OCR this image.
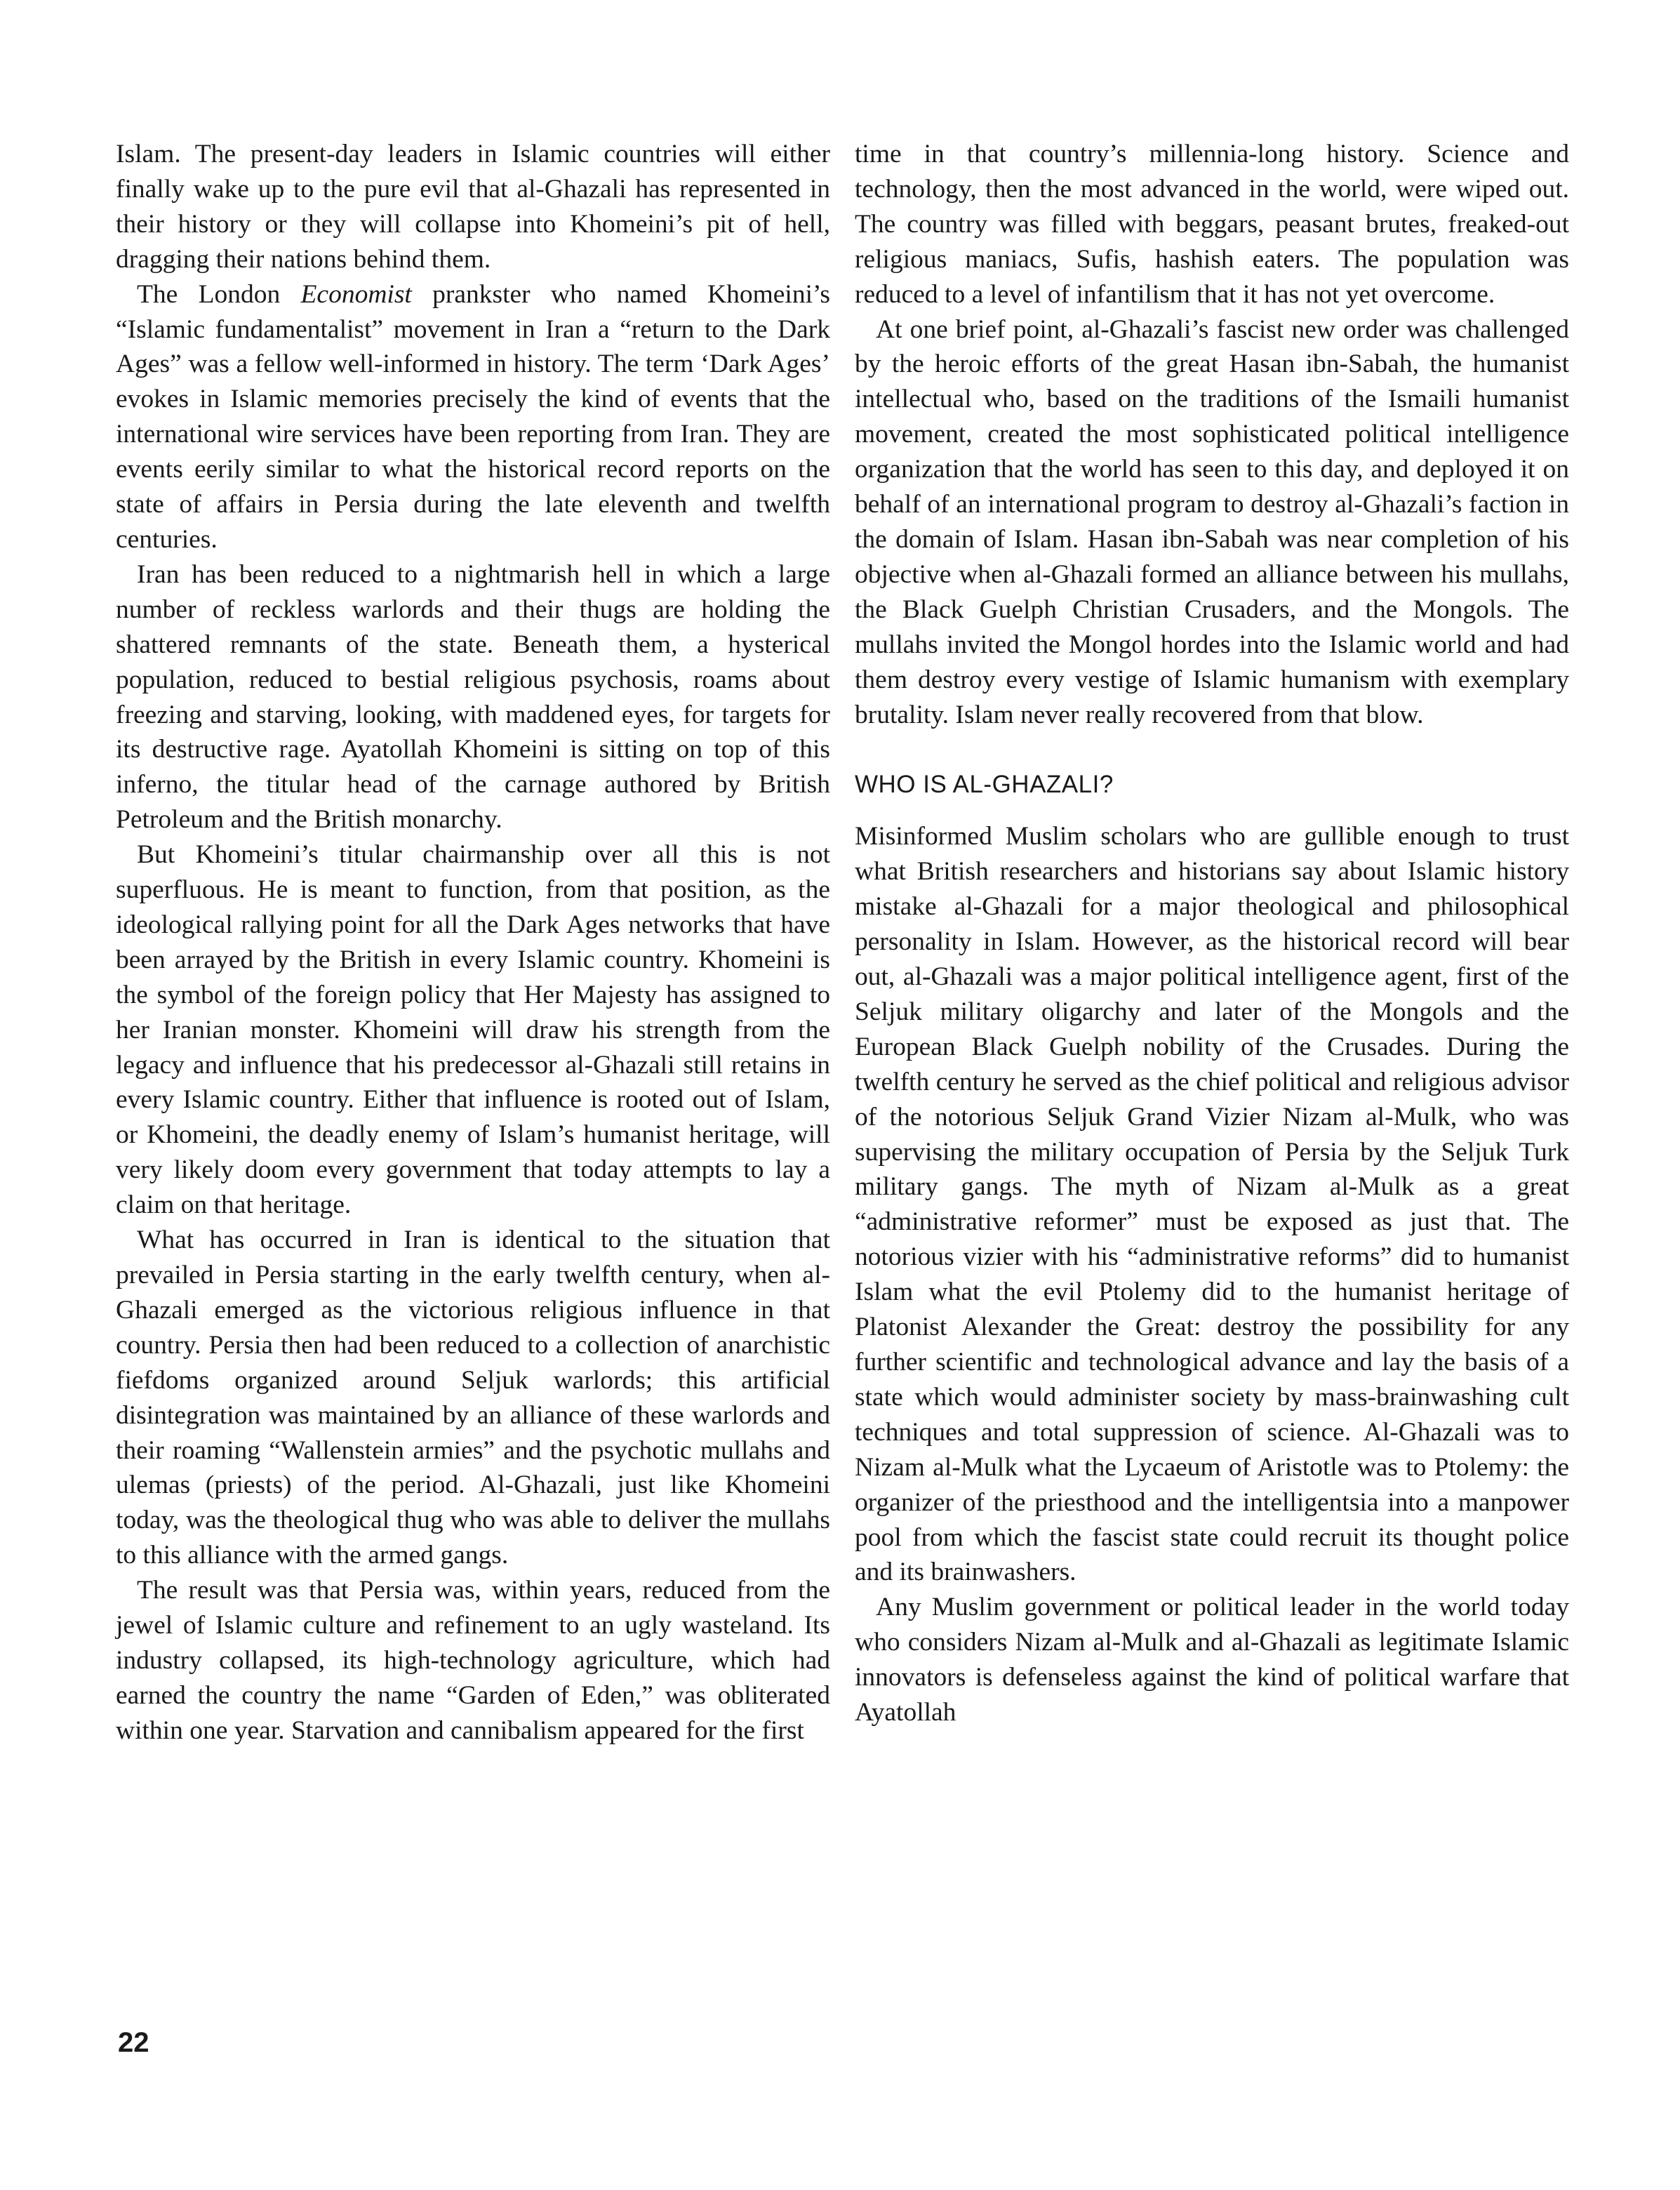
Islam. The present-day leaders in Islamic countries will either finally wake up to the pure evil that al-Ghazali has represented in their history or they will collapse into Khomeini’s pit of hell, dragging their nations behind them.

The London Economist prankster who named Khomeini’s “Islamic fundamentalist” movement in Iran a “return to the Dark Ages” was a fellow well-informed in history. The term ‘Dark Ages’ evokes in Islamic memories precisely the kind of events that the international wire services have been reporting from Iran. They are events eerily similar to what the historical record reports on the state of affairs in Persia during the late eleventh and twelfth centuries.

Iran has been reduced to a nightmarish hell in which a large number of reckless warlords and their thugs are holding the shattered remnants of the state. Beneath them, a hysterical population, reduced to bestial religious psychosis, roams about freezing and starving, looking, with maddened eyes, for targets for its destructive rage. Ayatollah Khomeini is sitting on top of this inferno, the titular head of the carnage authored by British Petroleum and the British monarchy.

But Khomeini’s titular chairmanship over all this is not superfluous. He is meant to function, from that position, as the ideological rallying point for all the Dark Ages networks that have been arrayed by the British in every Islamic country. Khomeini is the symbol of the foreign policy that Her Majesty has assigned to her Iranian monster. Khomeini will draw his strength from the legacy and influence that his predecessor al-Ghazali still retains in every Islamic country. Either that influence is rooted out of Islam, or Khomeini, the deadly enemy of Islam’s humanist heritage, will very likely doom every government that today attempts to lay a claim on that heritage.

What has occurred in Iran is identical to the situation that prevailed in Persia starting in the early twelfth century, when al-Ghazali emerged as the victorious religious influence in that country. Persia then had been reduced to a collection of anarchistic fiefdoms organized around Seljuk warlords; this artificial disintegration was maintained by an alliance of these warlords and their roaming “Wallenstein armies” and the psychotic mullahs and ulemas (priests) of the period. Al-Ghazali, just like Khomeini today, was the theological thug who was able to deliver the mullahs to this alliance with the armed gangs.

The result was that Persia was, within years, reduced from the jewel of Islamic culture and refinement to an ugly wasteland. Its industry collapsed, its high-technology agriculture, which had earned the country the name “Garden of Eden,” was obliterated within one year. Starvation and cannibalism appeared for the first

time in that country’s millennia-long history. Science and technology, then the most advanced in the world, were wiped out. The country was filled with beggars, peasant brutes, freaked-out religious maniacs, Sufis, hashish eaters. The population was reduced to a level of infantilism that it has not yet overcome.

At one brief point, al-Ghazali’s fascist new order was challenged by the heroic efforts of the great Hasan ibn-Sabah, the humanist intellectual who, based on the traditions of the Ismaili humanist movement, created the most sophisticated political intelligence organization that the world has seen to this day, and deployed it on behalf of an international program to destroy al-Ghazali’s faction in the domain of Islam. Hasan ibn-Sabah was near completion of his objective when al-Ghazali formed an alliance between his mullahs, the Black Guelph Christian Crusaders, and the Mongols. The mullahs invited the Mongol hordes into the Islamic world and had them destroy every vestige of Islamic humanism with exemplary brutality. Islam never really recovered from that blow.

WHO IS AL-GHAZALI?

Misinformed Muslim scholars who are gullible enough to trust what British researchers and historians say about Islamic history mistake al-Ghazali for a major theological and philosophical personality in Islam. However, as the historical record will bear out, al-Ghazali was a major political intelligence agent, first of the Seljuk military oligarchy and later of the Mongols and the European Black Guelph nobility of the Crusades. During the twelfth century he served as the chief political and religious advisor of the notorious Seljuk Grand Vizier Nizam al-Mulk, who was supervising the military occupation of Persia by the Seljuk Turk military gangs. The myth of Nizam al-Mulk as a great “administrative reformer” must be exposed as just that. The notorious vizier with his “administrative reforms” did to humanist Islam what the evil Ptolemy did to the humanist heritage of Platonist Alexander the Great: destroy the possibility for any further scientific and technological advance and lay the basis of a state which would administer society by mass-brainwashing cult techniques and total suppression of science. Al-Ghazali was to Nizam al-Mulk what the Lycaeum of Aristotle was to Ptolemy: the organizer of the priesthood and the intelligentsia into a manpower pool from which the fascist state could recruit its thought police and its brainwashers.

Any Muslim government or political leader in the world today who considers Nizam al-Mulk and al-Ghazali as legitimate Islamic innovators is defenseless against the kind of political warfare that Ayatollah

22
